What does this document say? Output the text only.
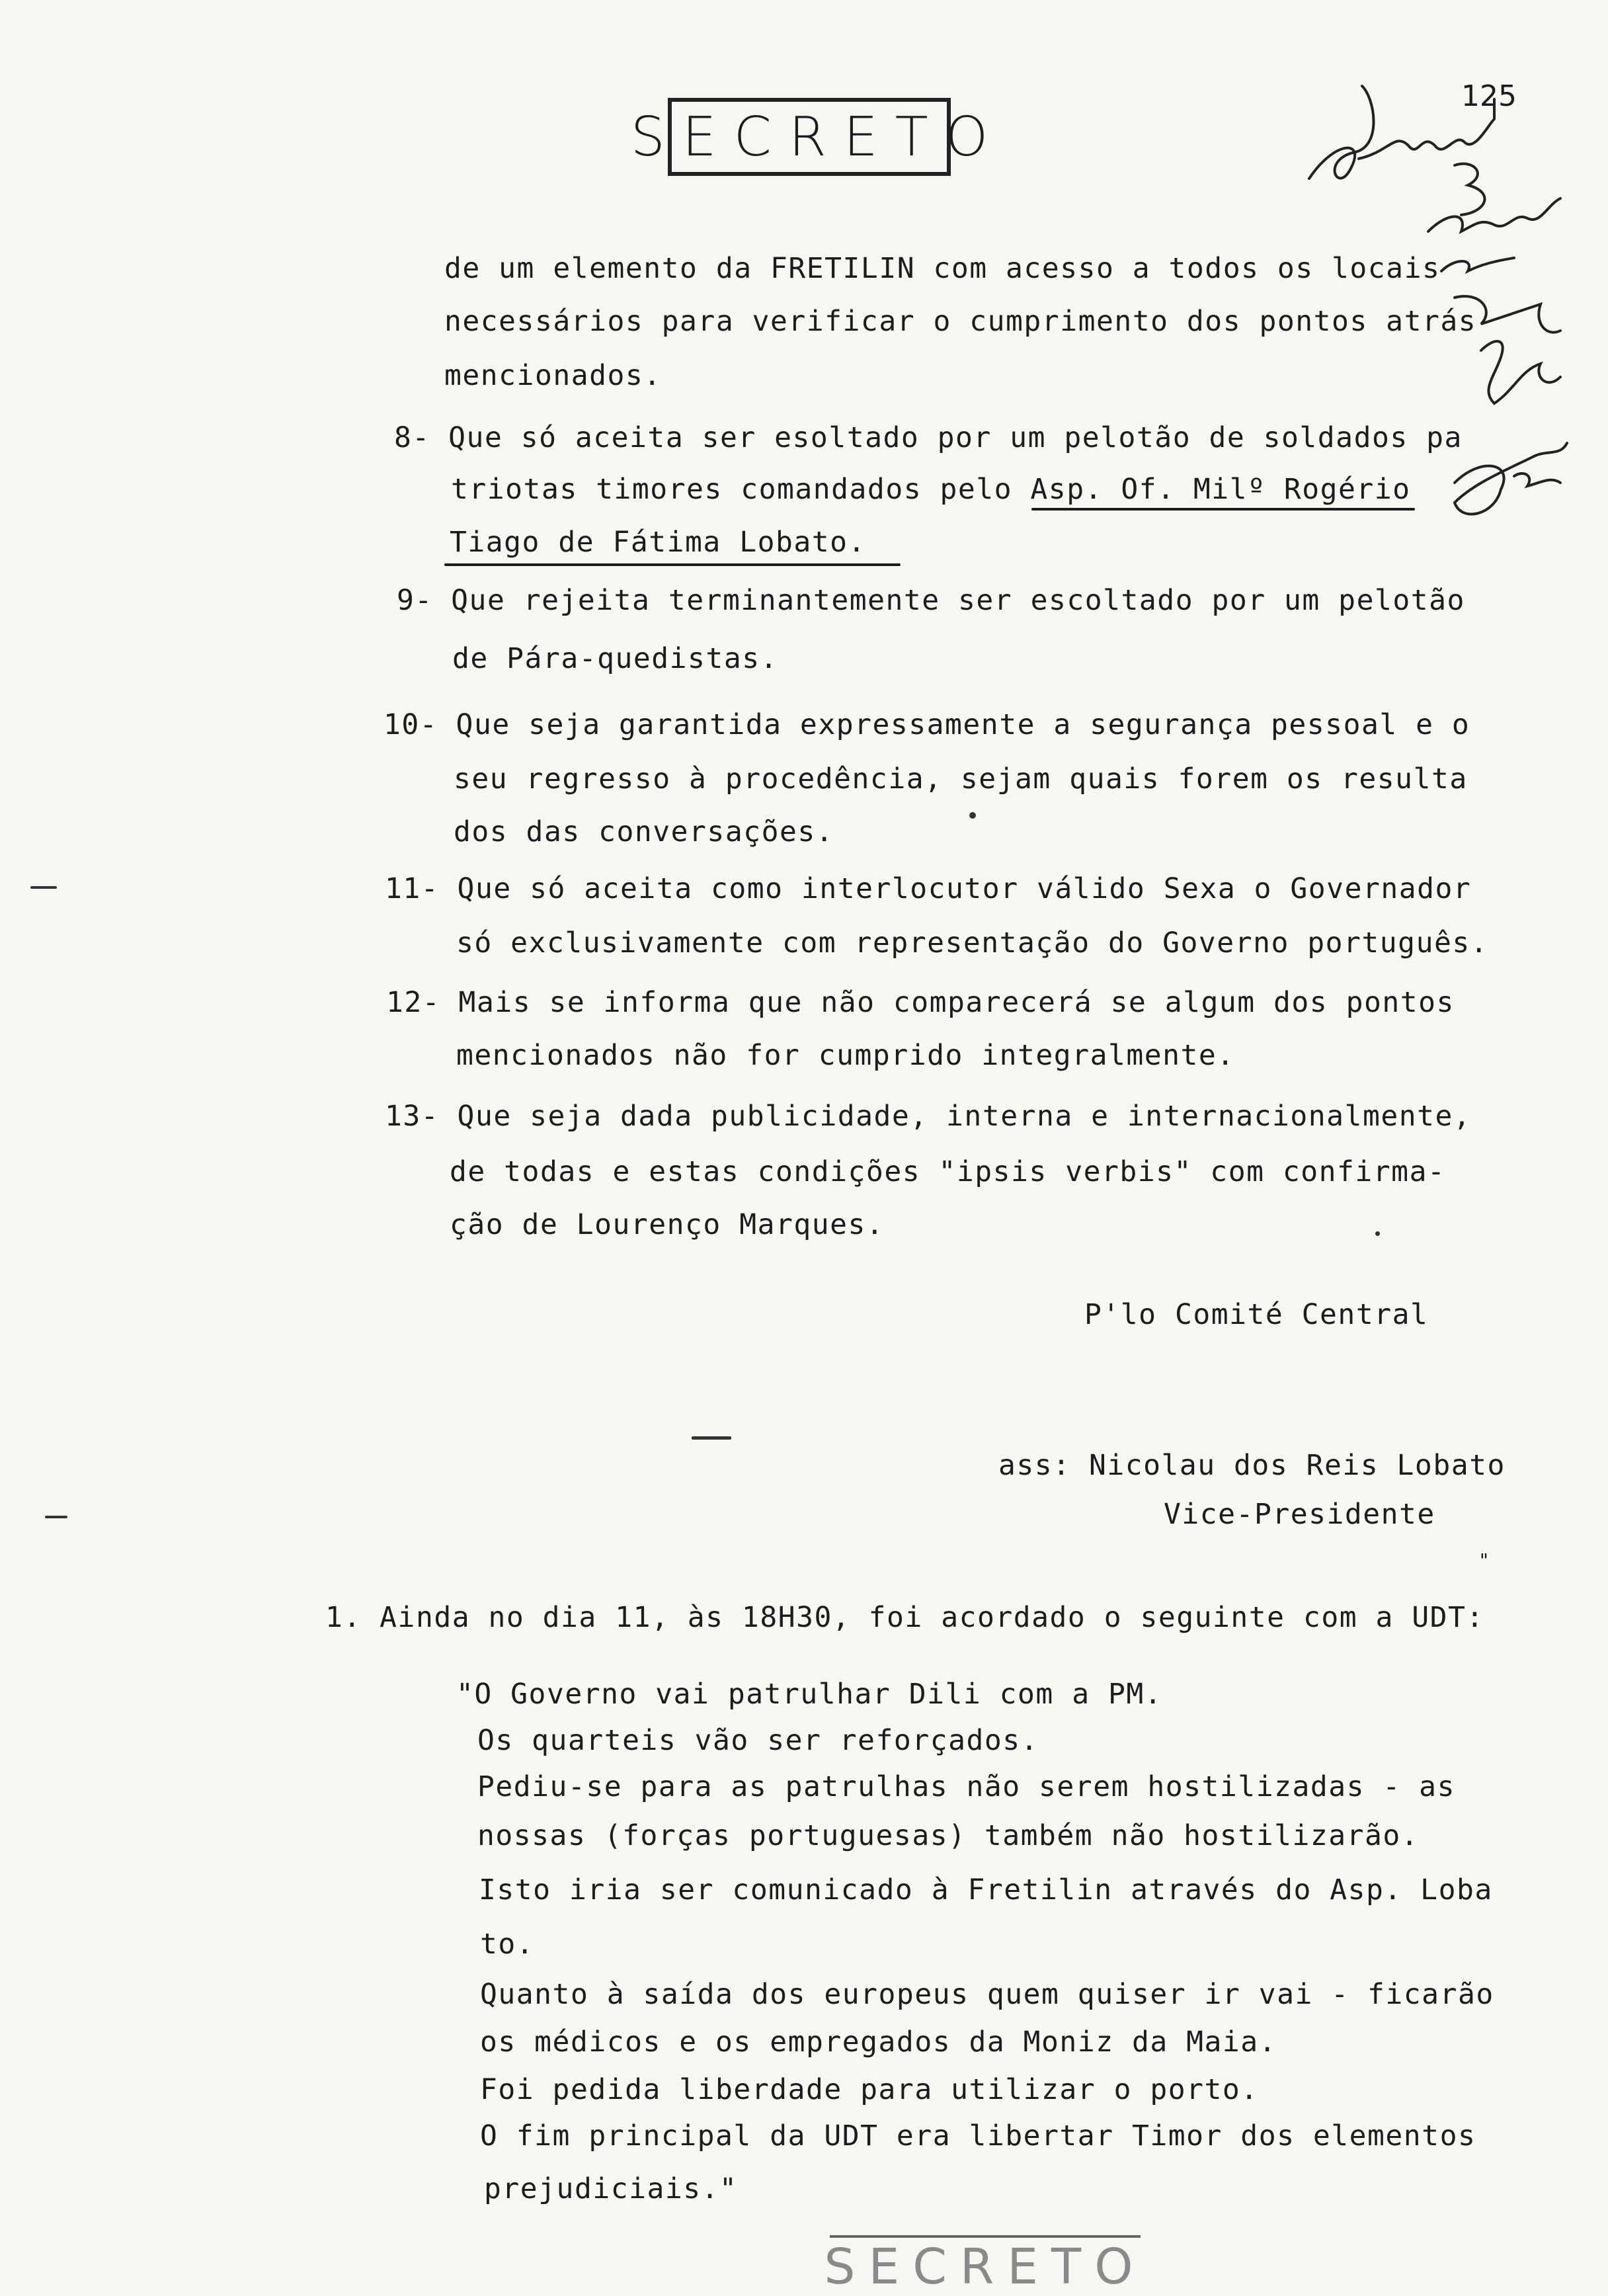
SECRETO
125
de um elemento da FRETILIN com acesso a todos os locais
necessários para verificar o cumprimento dos pontos atrás
mencionados.
8- Que só aceita ser esoltado por um pelotão de soldados pa
triotas timores comandados pelo Asp. Of. Milº Rogério
Tiago de Fátima Lobato.
9- Que rejeita terminantemente ser escoltado por um pelotão
de Pára-quedistas.
10- Que seja garantida expressamente a segurança pessoal e o
seu regresso à procedência, sejam quais forem os resulta
dos das conversações.
11- Que só aceita como interlocutor válido Sexa o Governador
só exclusivamente com representação do Governo português.
12- Mais se informa que não comparecerá se algum dos pontos
mencionados não for cumprido integralmente.
13- Que seja dada publicidade, interna e internacionalmente,
de todas e estas condições "ipsis verbis" com confirma-
ção de Lourenço Marques.
P'lo Comité Central
ass: Nicolau dos Reis Lobato
Vice-Presidente
"
1. Ainda no dia 11, às 18H30, foi acordado o seguinte com a UDT:
"O Governo vai patrulhar Dili com a PM.
Os quarteis vão ser reforçados.
Pediu-se para as patrulhas não serem hostilizadas - as
nossas (forças portuguesas) também não hostilizarão.
Isto iria ser comunicado à Fretilin através do Asp. Loba
to.
Quanto à saída dos europeus quem quiser ir vai - ficarão
os médicos e os empregados da Moniz da Maia.
Foi pedida liberdade para utilizar o porto.
O fim principal da UDT era libertar Timor dos elementos
prejudiciais."
SECRETO
